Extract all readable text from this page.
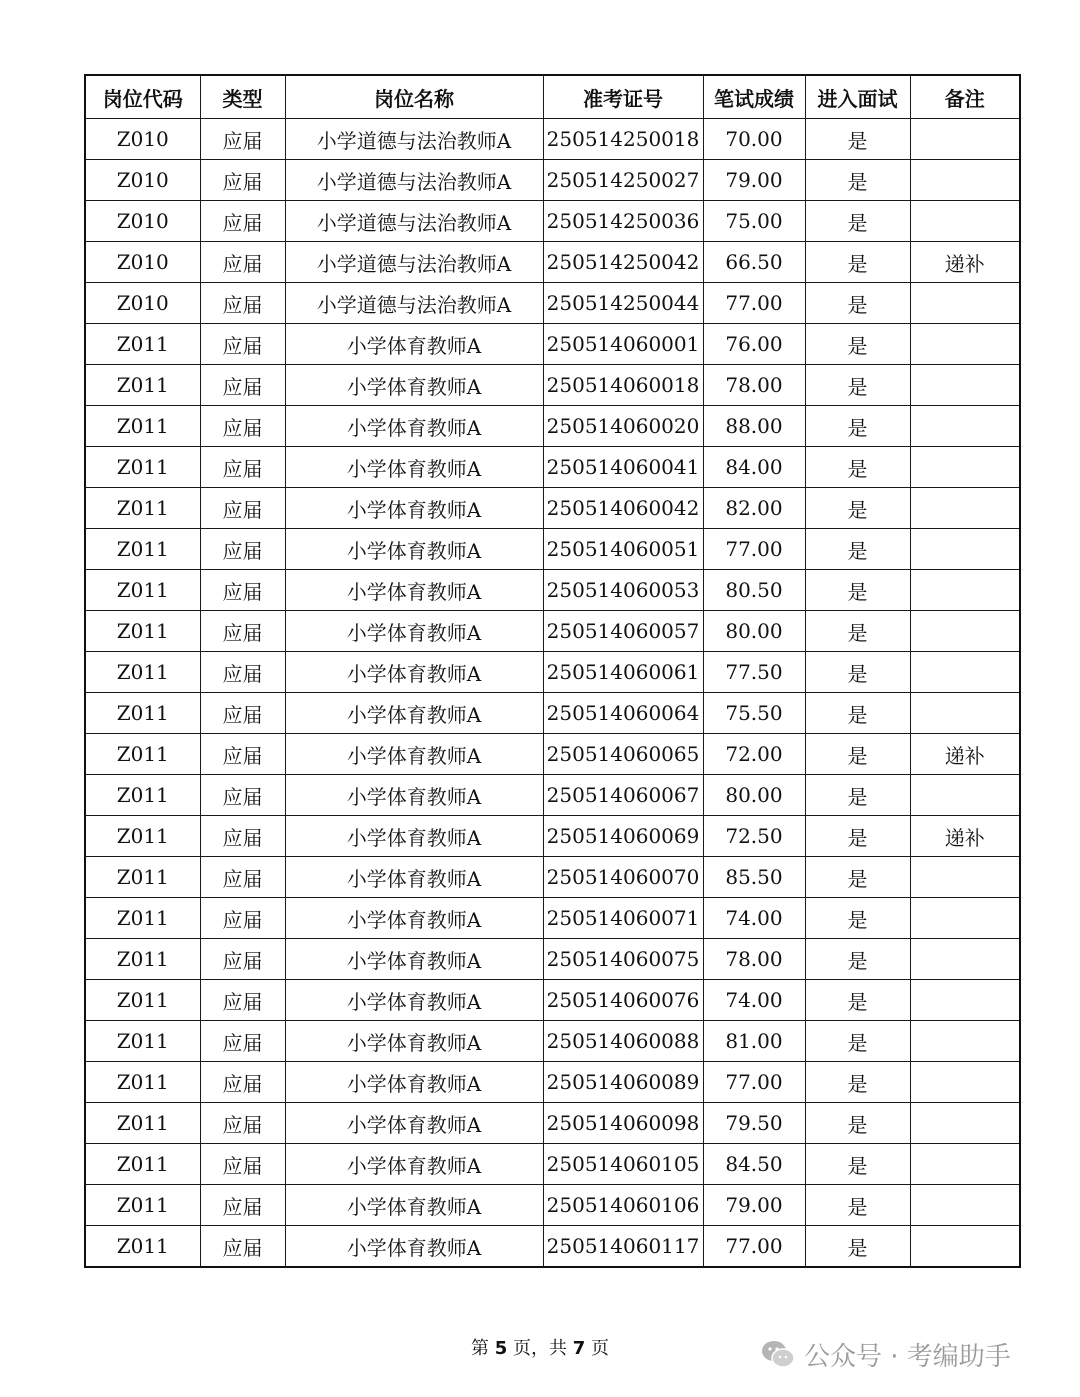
岗位代码	类型	岗位名称	准考证号	笔试成绩	进入面试	备注
Z010	应届	小学道德与法治教师A	250514250018	70.00	是	
Z010	应届	小学道德与法治教师A	250514250027	79.00	是	
Z010	应届	小学道德与法治教师A	250514250036	75.00	是	
Z010	应届	小学道德与法治教师A	250514250042	66.50	是	递补
Z010	应届	小学道德与法治教师A	250514250044	77.00	是	
Z011	应届	小学体育教师A	250514060001	76.00	是	
Z011	应届	小学体育教师A	250514060018	78.00	是	
Z011	应届	小学体育教师A	250514060020	88.00	是	
Z011	应届	小学体育教师A	250514060041	84.00	是	
Z011	应届	小学体育教师A	250514060042	82.00	是	
Z011	应届	小学体育教师A	250514060051	77.00	是	
Z011	应届	小学体育教师A	250514060053	80.50	是	
Z011	应届	小学体育教师A	250514060057	80.00	是	
Z011	应届	小学体育教师A	250514060061	77.50	是	
Z011	应届	小学体育教师A	250514060064	75.50	是	
Z011	应届	小学体育教师A	250514060065	72.00	是	递补
Z011	应届	小学体育教师A	250514060067	80.00	是	
Z011	应届	小学体育教师A	250514060069	72.50	是	递补
Z011	应届	小学体育教师A	250514060070	85.50	是	
Z011	应届	小学体育教师A	250514060071	74.00	是	
Z011	应届	小学体育教师A	250514060075	78.00	是	
Z011	应届	小学体育教师A	250514060076	74.00	是	
Z011	应届	小学体育教师A	250514060088	81.00	是	
Z011	应届	小学体育教师A	250514060089	77.00	是	
Z011	应届	小学体育教师A	250514060098	79.50	是	
Z011	应届	小学体育教师A	250514060105	84.50	是	
Z011	应届	小学体育教师A	250514060106	79.00	是	
Z011	应届	小学体育教师A	250514060117	77.00	是	
第 5 页，共 7 页	公众号 · 考编助手
